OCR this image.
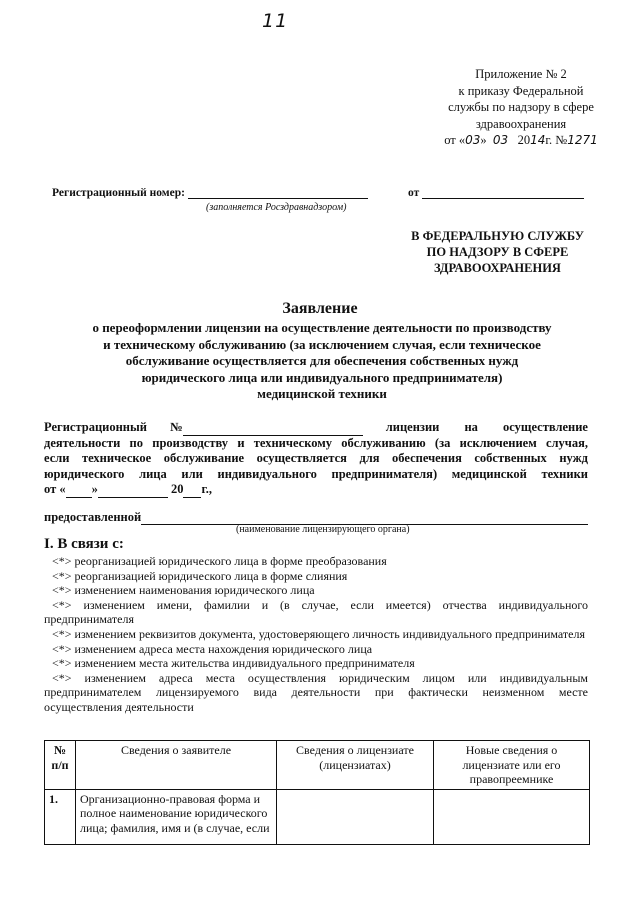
11
Приложение № 2
к приказу Федеральной
службы по надзору в сфере
здравоохранения
от «03» 03 2014г. №1271
Регистрационный номер:
(заполняется Росздравнадзором)
от
В ФЕДЕРАЛЬНУЮ СЛУЖБУ
ПО НАДЗОРУ В СФЕРЕ
ЗДРАВООХРАНЕНИЯ
Заявление
о переоформлении лицензии на осуществление деятельности по производству
и техническому обслуживанию (за исключением случая, если техническое
обслуживание осуществляется для обеспечения собственных нужд
юридического лица или индивидуального предпринимателя)
медицинской техники

Регистрационный №	лицензии на осуществление

деятельности по производству и техническому обслуживанию (за исключением случая,

если техническое обслуживание осуществляется для обеспечения собственных нужд

юридического лица или индивидуального предпринимателя) медицинской техники

от « »	20 г.,

предоставленной
(наименование лицензирующего органа)
I. В связи с:
<*> реорганизацией юридического лица в форме преобразования
<*> реорганизацией юридического лица в форме слияния
<*> изменением наименования юридического лица
<*> изменением имени, фамилии и (в случае, если имеется) отчества индивидуального предпринимателя
<*> изменением реквизитов документа, удостоверяющего личность индивидуального предпринимателя
<*> изменением адреса места нахождения юридического лица
<*> изменением места жительства индивидуального предпринимателя
<*> изменением адреса места осуществления юридическим лицом или индивидуальным предпринимателем лицензируемого вида деятельности при фактически неизменном месте осуществления деятельности
№
п/п	Сведения о заявителе	Сведения о лицензиате (лицензиатах)	Новые сведения о лицензиате или его правопреемнике
1.	Организационно-правовая форма и полное наименование юридического лица; фамилия, имя и (в случае, если		
